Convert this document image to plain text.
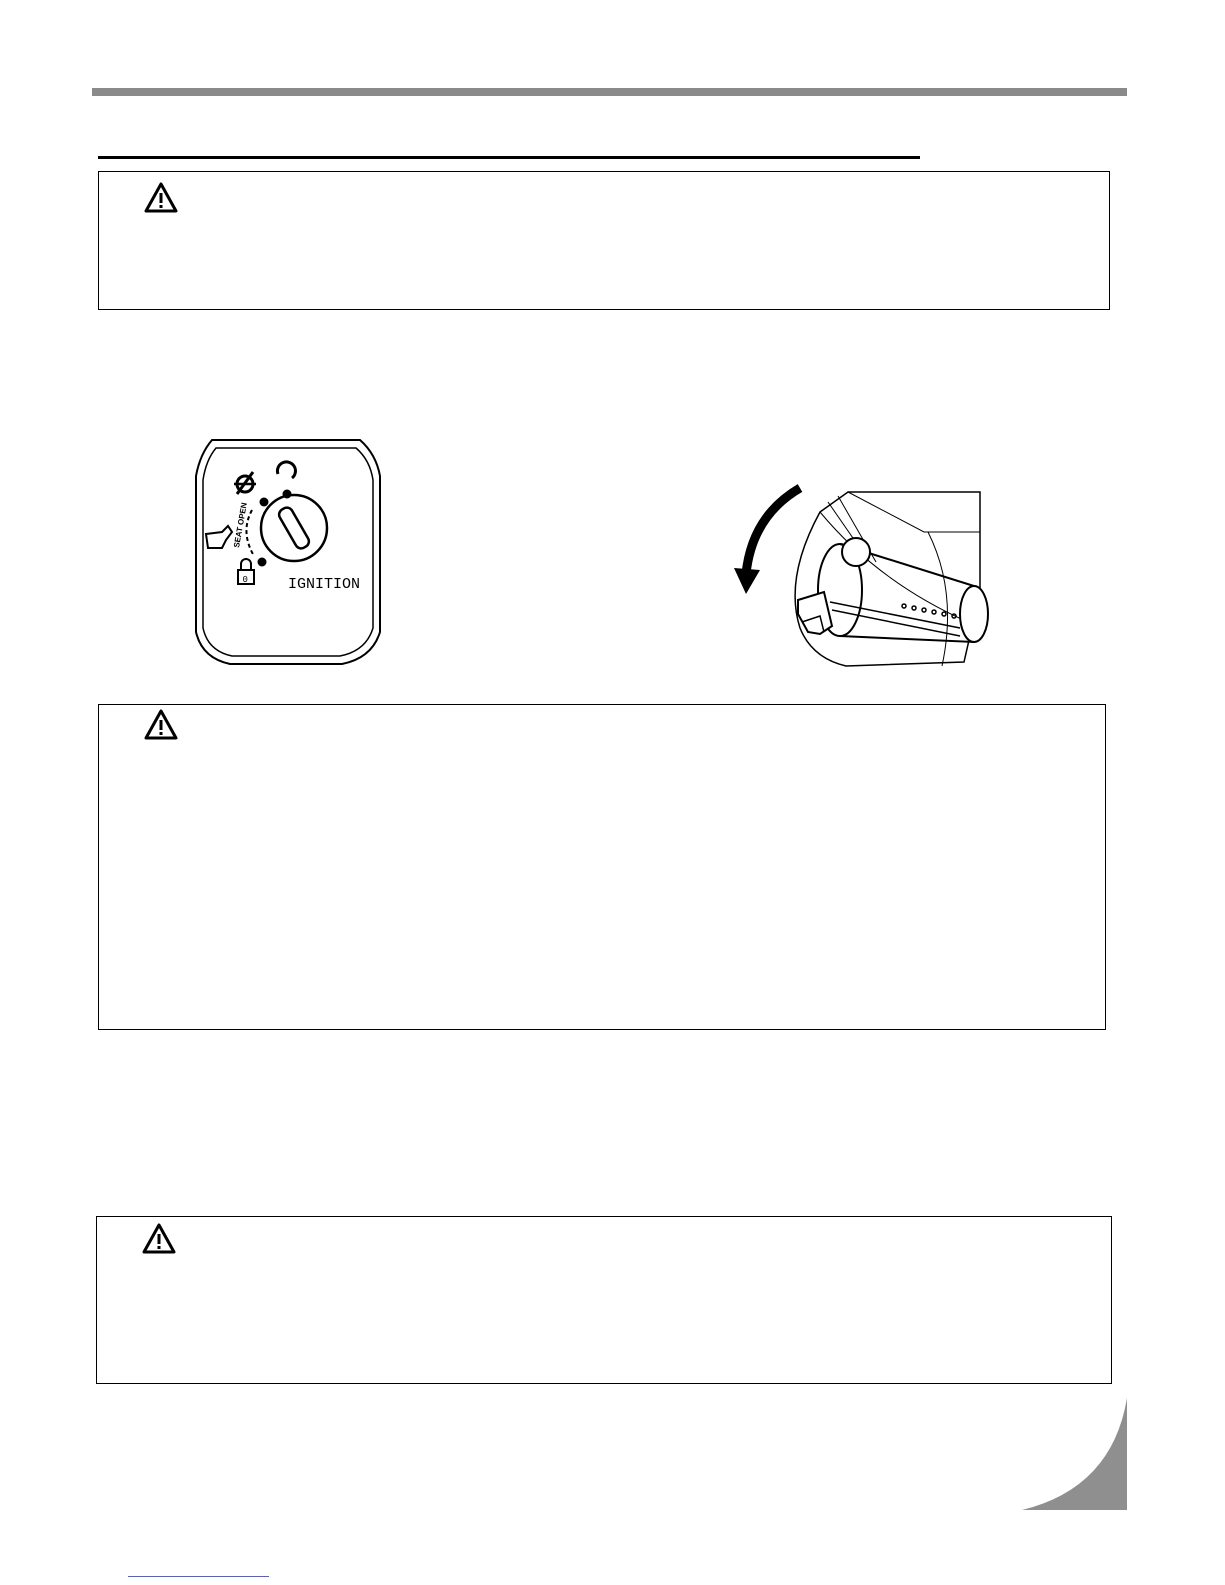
0
SEAT OPEN
IGNITION
